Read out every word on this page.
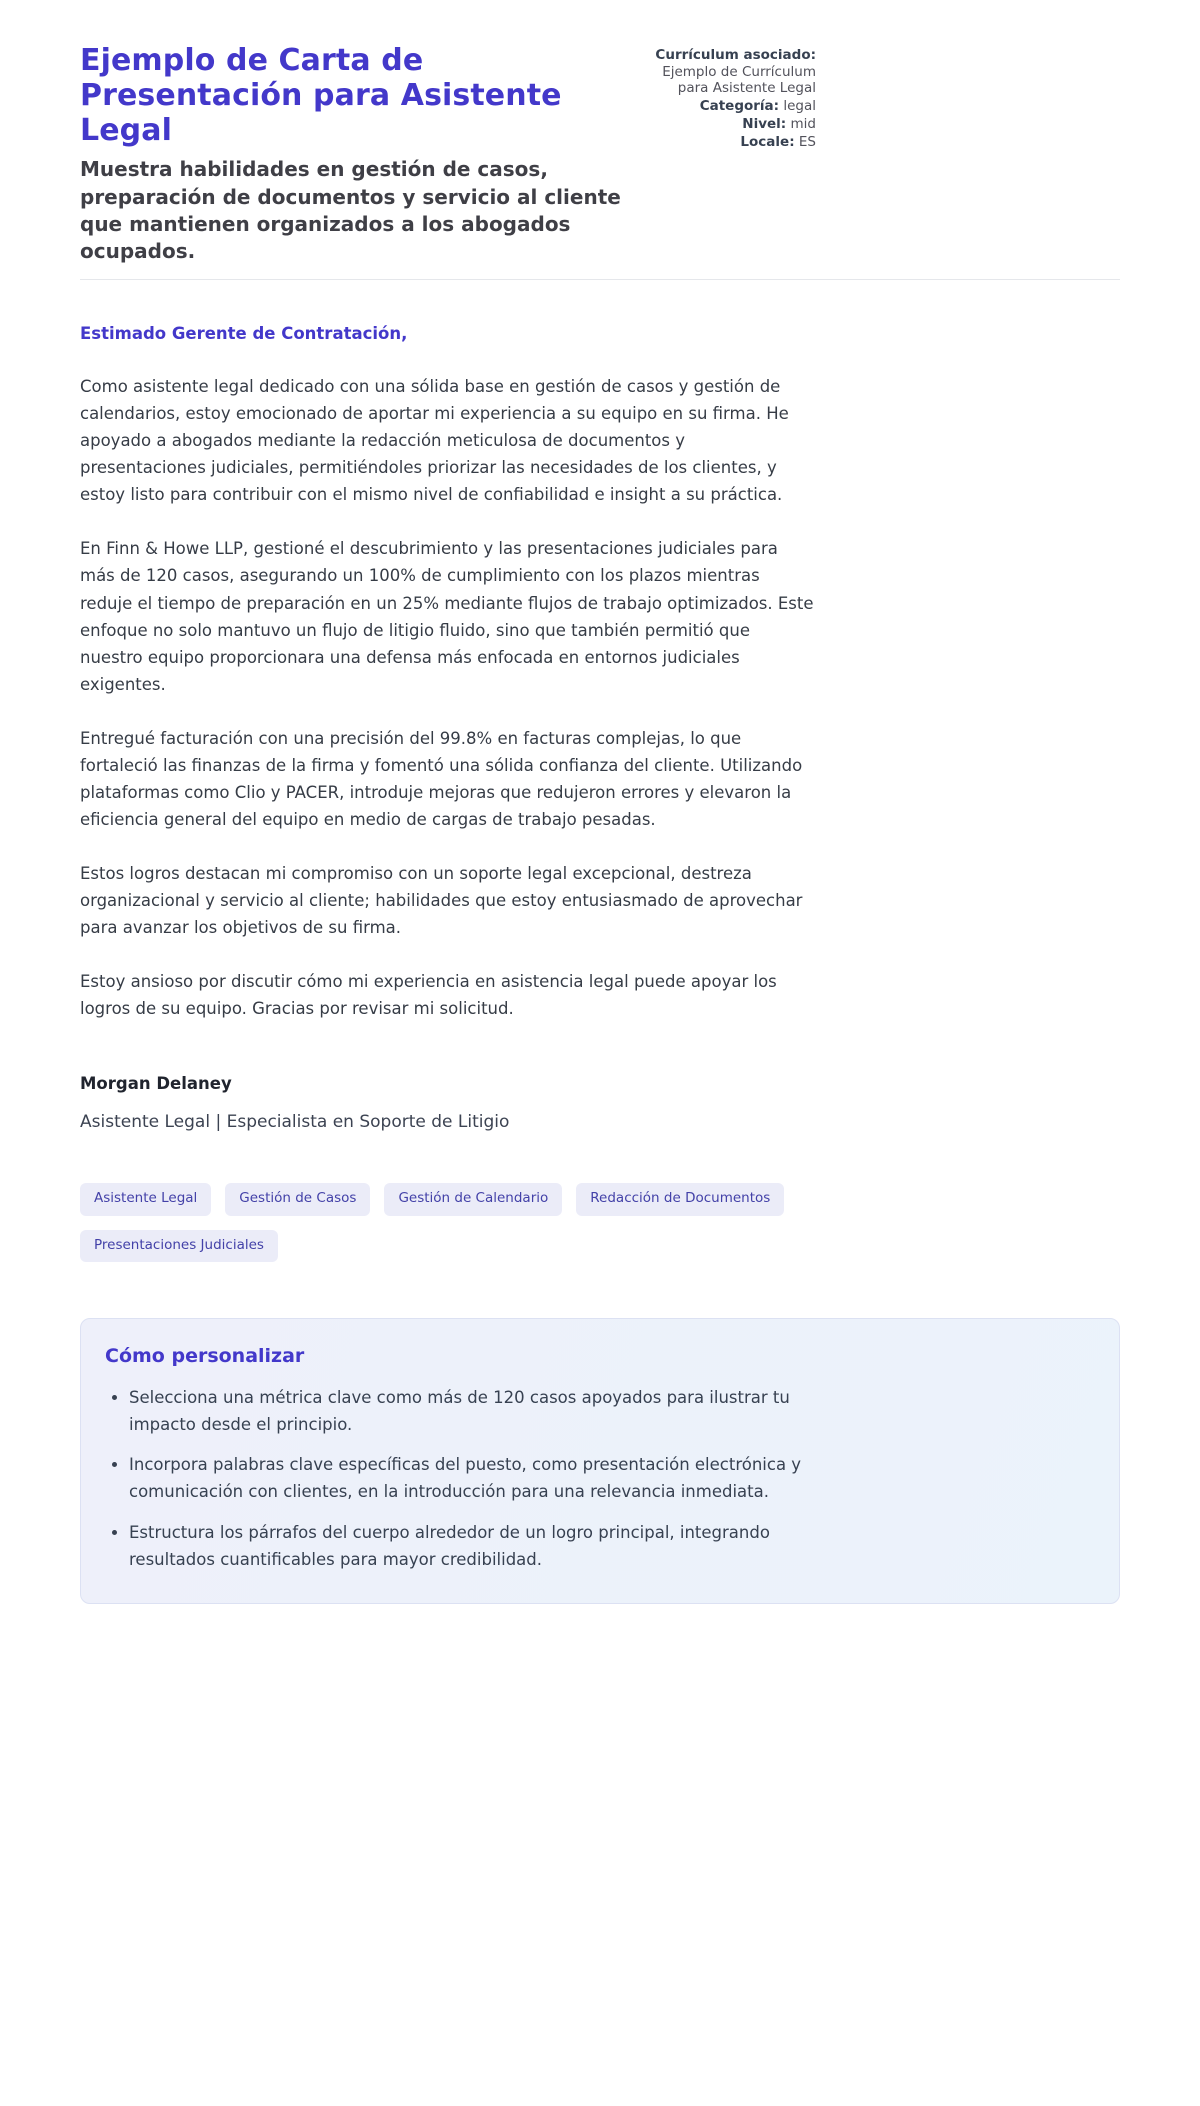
Ejemplo de Carta de Presentación para Asistente Legal

Muestra habilidades en gestión de casos, preparación de documentos y servicio al cliente que mantienen organizados a los abogados ocupados.

Currículum asociado: Ejemplo de Currículum para Asistente Legal
Categoría: legal
Nivel: mid
Locale: ES

Estimado Gerente de Contratación,

Como asistente legal dedicado con una sólida base en gestión de casos y gestión de calendarios, estoy emocionado de aportar mi experiencia a su equipo en su firma. He apoyado a abogados mediante la redacción meticulosa de documentos y presentaciones judiciales, permitiéndoles priorizar las necesidades de los clientes, y estoy listo para contribuir con el mismo nivel de confiabilidad e insight a su práctica.

En Finn & Howe LLP, gestioné el descubrimiento y las presentaciones judiciales para más de 120 casos, asegurando un 100% de cumplimiento con los plazos mientras reduje el tiempo de preparación en un 25% mediante flujos de trabajo optimizados. Este enfoque no solo mantuvo un flujo de litigio fluido, sino que también permitió que nuestro equipo proporcionara una defensa más enfocada en entornos judiciales exigentes.

Entregué facturación con una precisión del 99.8% en facturas complejas, lo que fortaleció las finanzas de la firma y fomentó una sólida confianza del cliente. Utilizando plataformas como Clio y PACER, introduje mejoras que redujeron errores y elevaron la eficiencia general del equipo en medio de cargas de trabajo pesadas.

Estos logros destacan mi compromiso con un soporte legal excepcional, destreza organizacional y servicio al cliente; habilidades que estoy entusiasmado de aprovechar para avanzar los objetivos de su firma.

Estoy ansioso por discutir cómo mi experiencia en asistencia legal puede apoyar los logros de su equipo. Gracias por revisar mi solicitud.

Morgan Delaney

Asistente Legal | Especialista en Soporte de Litigio

Asistente Legal	Gestión de Casos	Gestión de Calendario	Redacción de Documentos
Presentaciones Judiciales
Cómo personalizar
• Selecciona una métrica clave como más de 120 casos apoyados para ilustrar tu impacto desde el principio.
• Incorpora palabras clave específicas del puesto, como presentación electrónica y comunicación con clientes, en la introducción para una relevancia inmediata.
• Estructura los párrafos del cuerpo alrededor de un logro principal, integrando resultados cuantificables para mayor credibilidad.
